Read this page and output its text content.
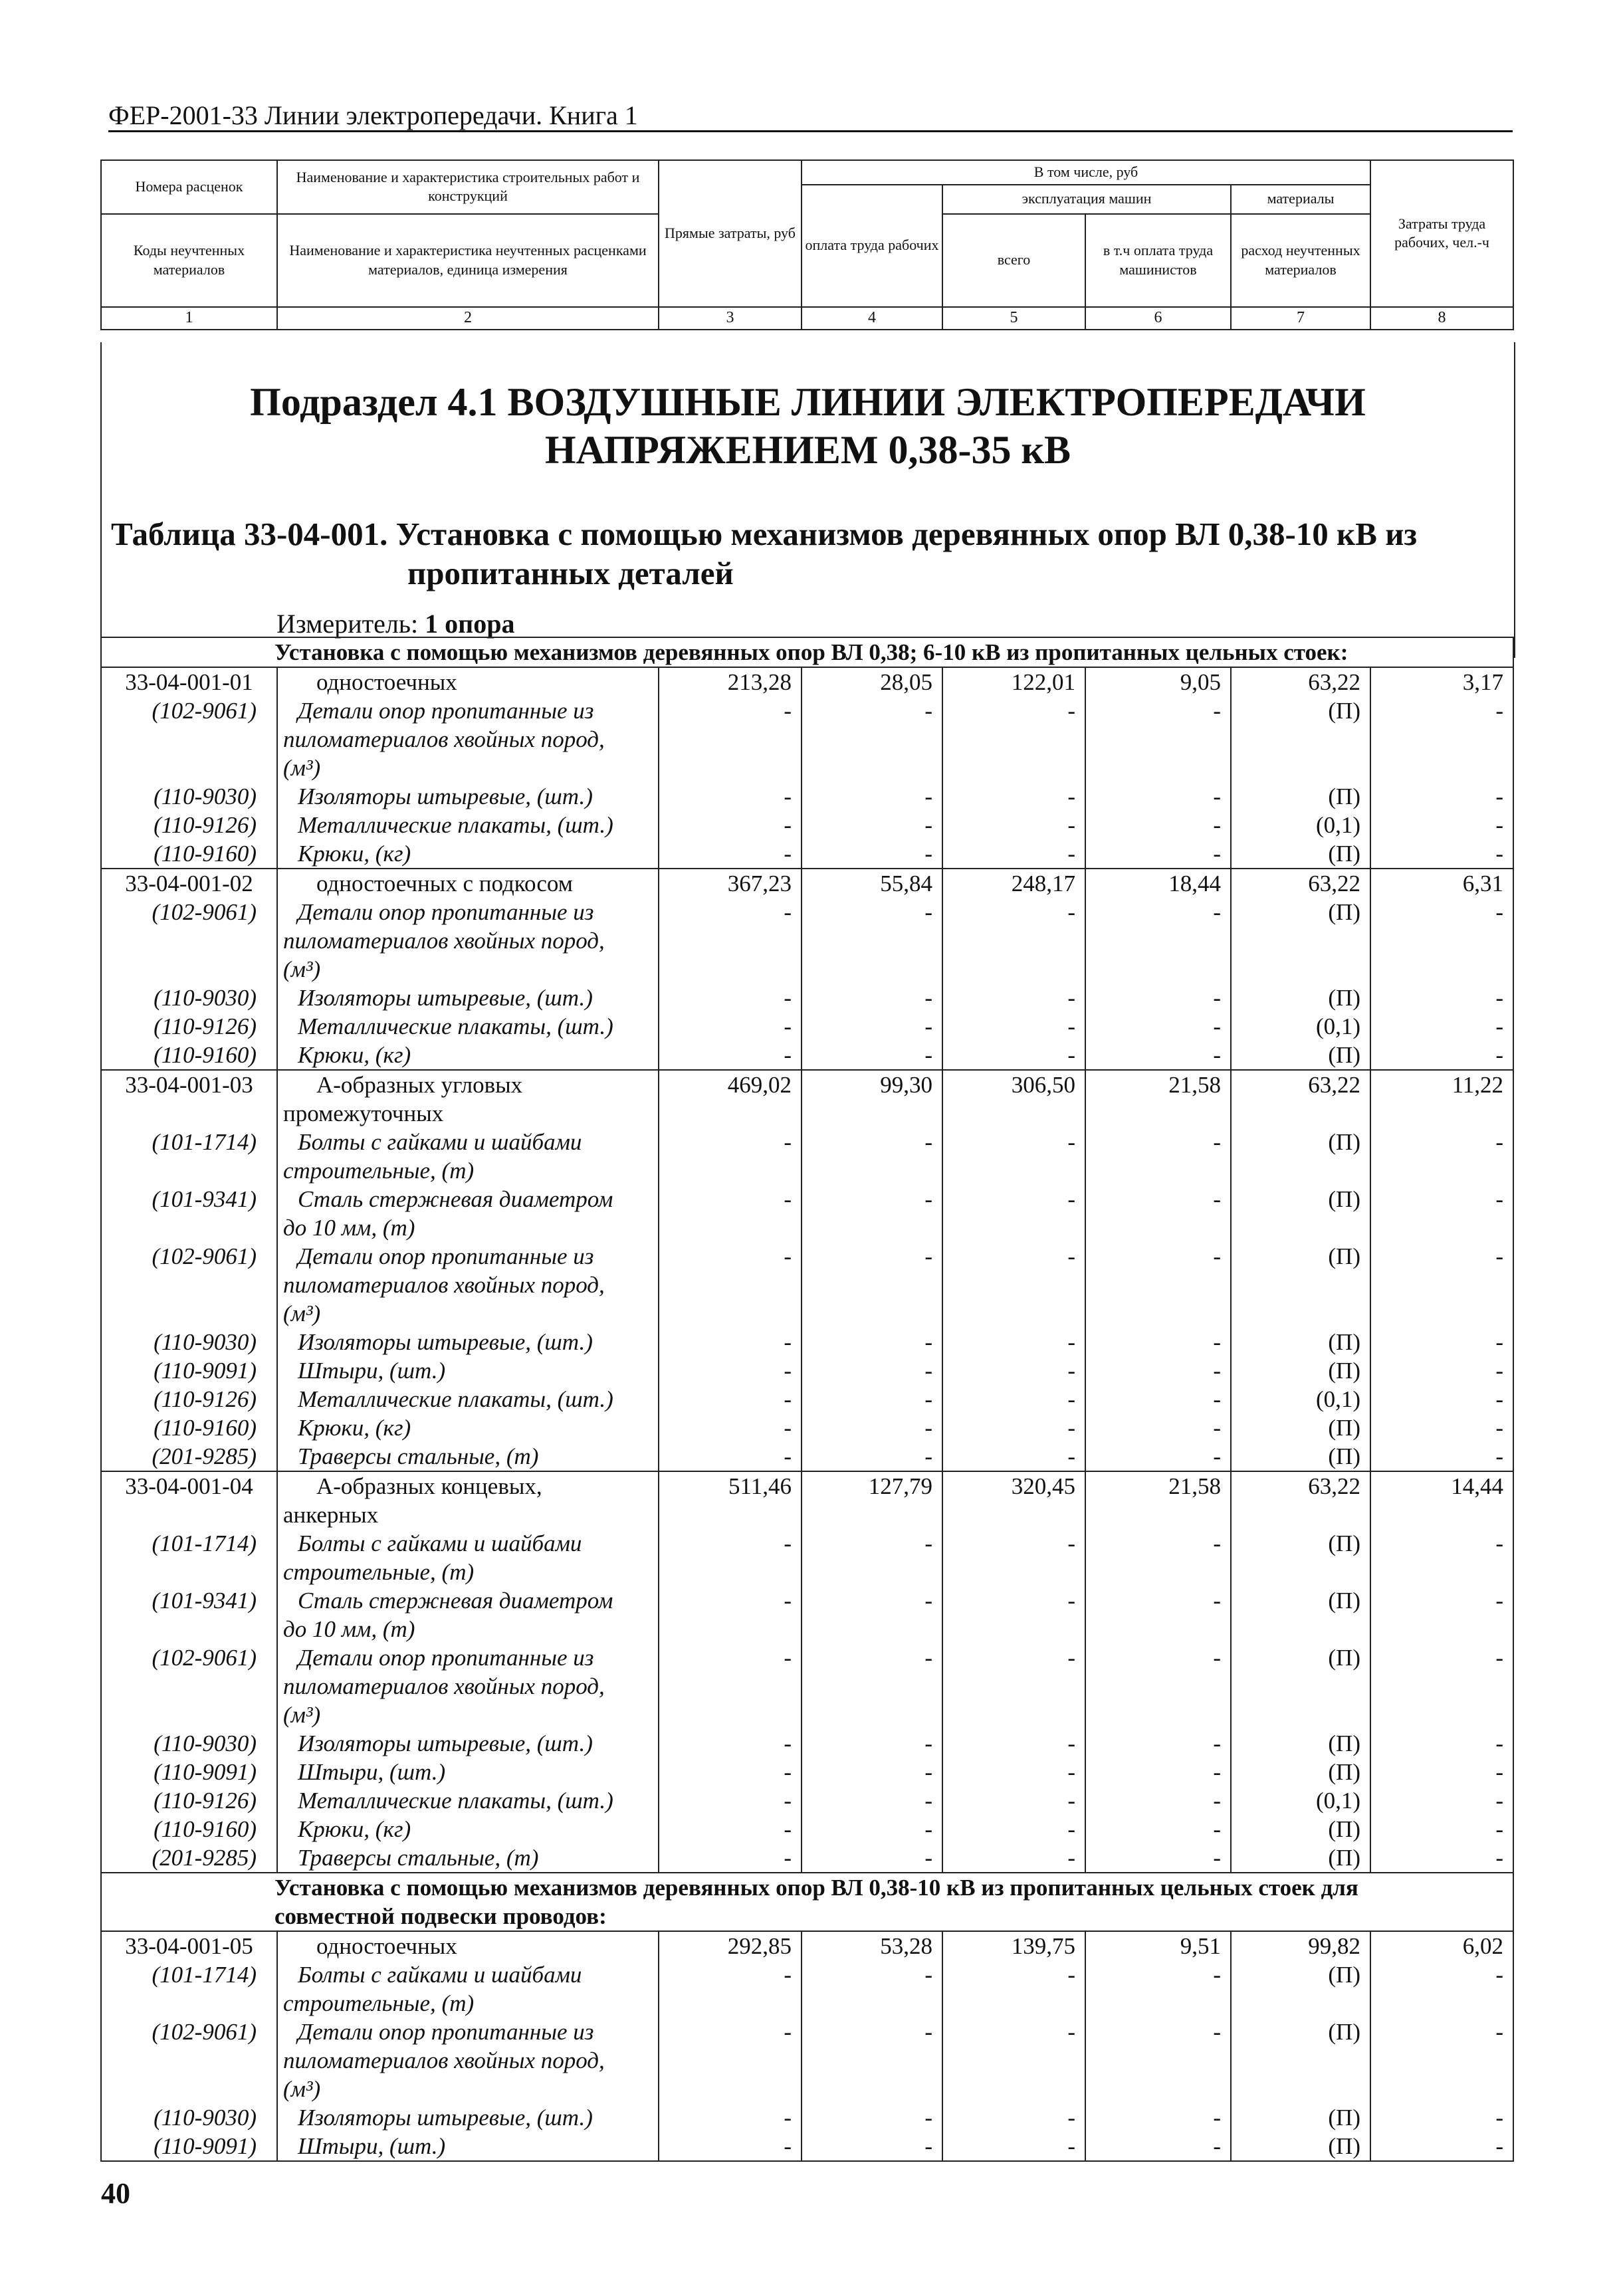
ФЕР-2001-33 Линии электропередачи. Книга 1
Номера расценок	Наименование и характеристика строительных работ и конструкций	Прямые затраты, руб	В том числе, руб				Затраты труда рабочих, чел.-ч
			оплата труда рабочих	эксплуатация машин		материалы	
Коды неучтенных материалов	Наименование и характеристика неучтенных расценками материалов, единица измерения			всего	в т.ч оплата труда машинистов	расход неучтенных материалов	

1	2	3	4	5	6	7	8
Подраздел 4.1 ВОЗДУШНЫЕ ЛИНИИ ЭЛЕКТРОПЕРЕДАЧИ
НАПРЯЖЕНИЕМ 0,38-35 кВ
Таблица 33-04-001. Установка с помощью механизмов деревянных опор ВЛ 0,38-10 кВ из
пропитанных деталей
Измеритель: 1 опора
Установка с помощью механизмов деревянных опор ВЛ 0,38; 6-10 кВ из пропитанных цельных стоек:							
33-04-001-01	одностоечных	213,28	28,05	122,01	9,05	63,22	3,17
(102-9061)	Детали опор пропитанные из	-	-	-	-	(П)	-
	пиломатериалов хвойных пород,						
	(м³)						
(110-9030)	Изоляторы штыревые, (шт.)	-	-	-	-	(П)	-
(110-9126)	Металлические плакаты, (шт.)	-	-	-	-	(0,1)	-
(110-9160)	Крюки, (кг)	-	-	-	-	(П)	-
33-04-001-02	одностоечных с подкосом	367,23	55,84	248,17	18,44	63,22	6,31
(102-9061)	Детали опор пропитанные из	-	-	-	-	(П)	-
	пиломатериалов хвойных пород,						
	(м³)						
(110-9030)	Изоляторы штыревые, (шт.)	-	-	-	-	(П)	-
(110-9126)	Металлические плакаты, (шт.)	-	-	-	-	(0,1)	-
(110-9160)	Крюки, (кг)	-	-	-	-	(П)	-
33-04-001-03	А-образных угловых	469,02	99,30	306,50	21,58	63,22	11,22
	промежуточных						
(101-1714)	Болты с гайками и шайбами	-	-	-	-	(П)	-
	строительные, (т)						
(101-9341)	Сталь стержневая диаметром	-	-	-	-	(П)	-
	до 10 мм, (т)						
(102-9061)	Детали опор пропитанные из	-	-	-	-	(П)	-
	пиломатериалов хвойных пород,						
	(м³)						
(110-9030)	Изоляторы штыревые, (шт.)	-	-	-	-	(П)	-
(110-9091)	Штыри, (шт.)	-	-	-	-	(П)	-
(110-9126)	Металлические плакаты, (шт.)	-	-	-	-	(0,1)	-
(110-9160)	Крюки, (кг)	-	-	-	-	(П)	-
(201-9285)	Траверсы стальные, (т)	-	-	-	-	(П)	-
33-04-001-04	А-образных концевых,	511,46	127,79	320,45	21,58	63,22	14,44
	анкерных						
(101-1714)	Болты с гайками и шайбами	-	-	-	-	(П)	-
	строительные, (т)						
(101-9341)	Сталь стержневая диаметром	-	-	-	-	(П)	-
	до 10 мм, (т)						
(102-9061)	Детали опор пропитанные из	-	-	-	-	(П)	-
	пиломатериалов хвойных пород,						
	(м³)						
(110-9030)	Изоляторы штыревые, (шт.)	-	-	-	-	(П)	-
(110-9091)	Штыри, (шт.)	-	-	-	-	(П)	-
(110-9126)	Металлические плакаты, (шт.)	-	-	-	-	(0,1)	-
(110-9160)	Крюки, (кг)	-	-	-	-	(П)	-
(201-9285)	Траверсы стальные, (т)	-	-	-	-	(П)	-

Установка с помощью механизмов деревянных опор ВЛ 0,38-10 кВ из пропитанных цельных стоек для
совместной подвески проводов:							

33-04-001-05	одностоечных	292,85	53,28	139,75	9,51	99,82	6,02
(101-1714)	Болты с гайками и шайбами	-	-	-	-	(П)	-
	строительные, (т)						
(102-9061)	Детали опор пропитанные из	-	-	-	-	(П)	-
	пиломатериалов хвойных пород,						
	(м³)						
(110-9030)	Изоляторы штыревые, (шт.)	-	-	-	-	(П)	-
(110-9091)	Штыри, (шт.)	-	-	-	-	(П)	-
40
